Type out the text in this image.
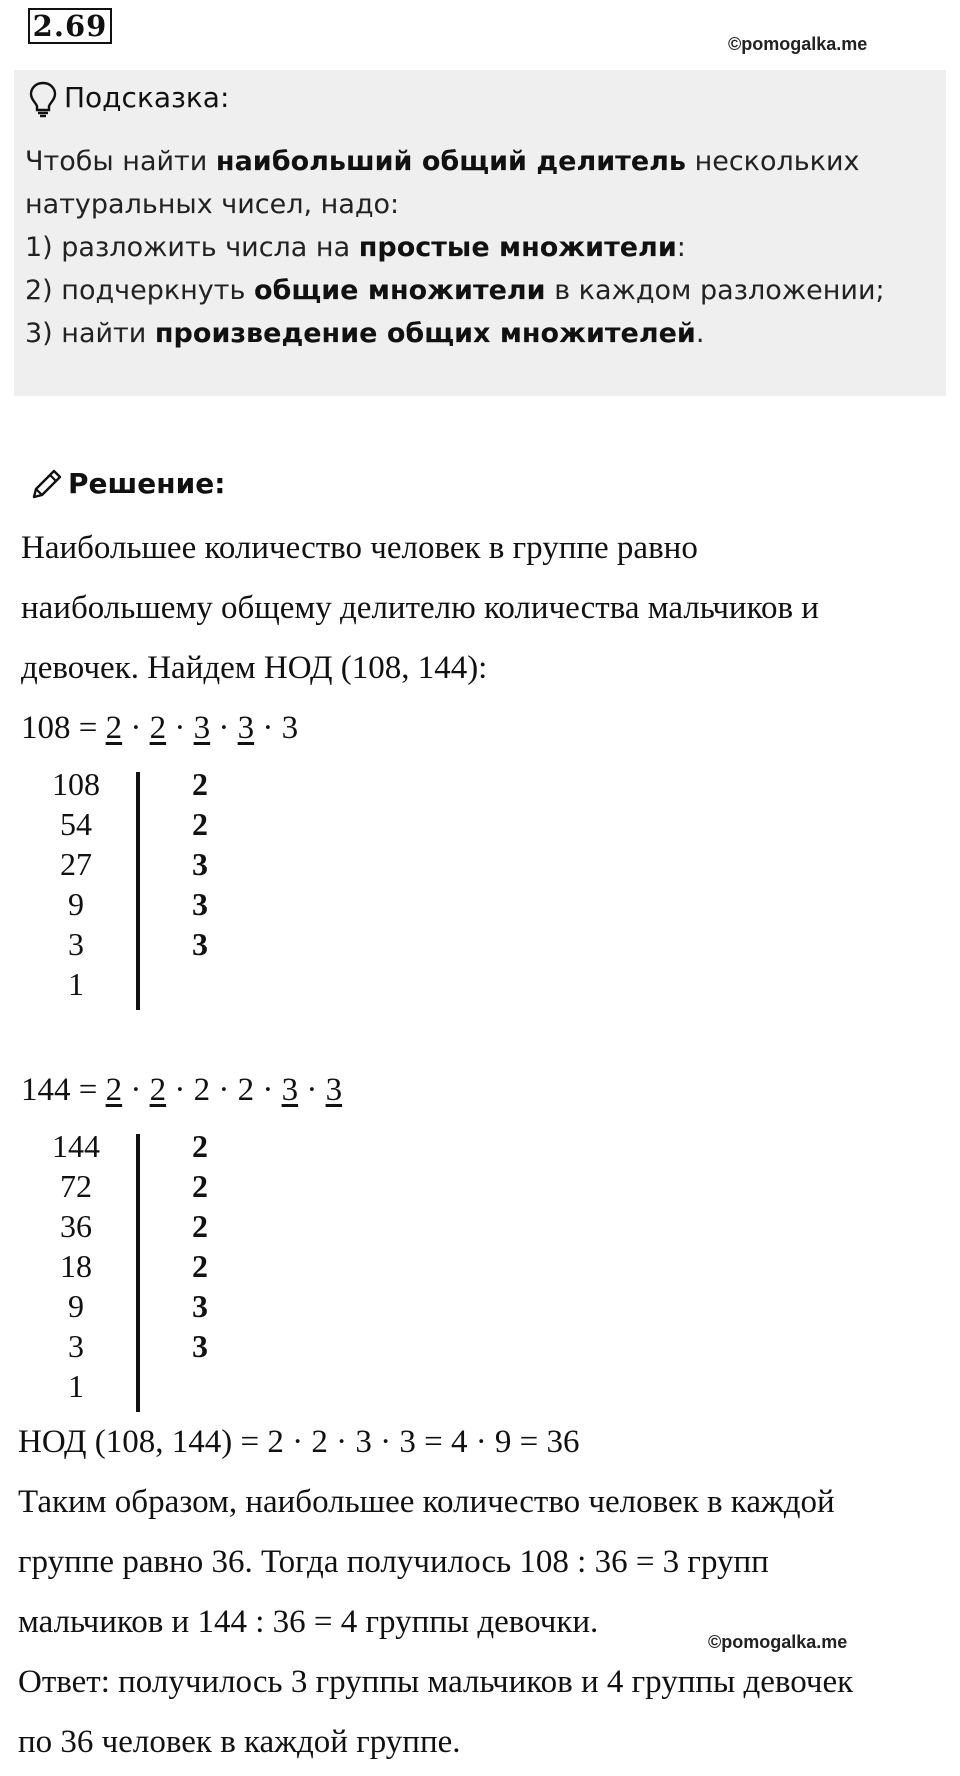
2.69
©pomogalka.me
Подсказка:
Чтобы найти наибольший общий делитель нескольких
натуральных чисел, надо:
1) разложить числа на простые множители:
2) подчеркнуть общие множители в каждом разложении;
3) найти произведение общих множителей.
Решение:
Наибольшее количество человек в группе равно
наибольшему общему делителю количества мальчиков и
девочек. Найдем НОД (108, 144):
108 = 2 · 2 · 3 · 3 · 3
108	2
54	2
27	3
9	3
3	3
1
144 = 2 · 2 · 2 · 2 · 3 · 3
144	2
72	2
36	2
18	2
9	3
3	3
1
НОД (108, 144) = 2 · 2 · 3 · 3 = 4 · 9 = 36
Таким образом, наибольшее количество человек в каждой
группе равно 36. Тогда получилось 108 : 36 = 3 групп
мальчиков и 144 : 36 = 4 группы девочки.
©pomogalka.me
Ответ: получилось 3 группы мальчиков и 4 группы девочек
по 36 человек в каждой группе.
